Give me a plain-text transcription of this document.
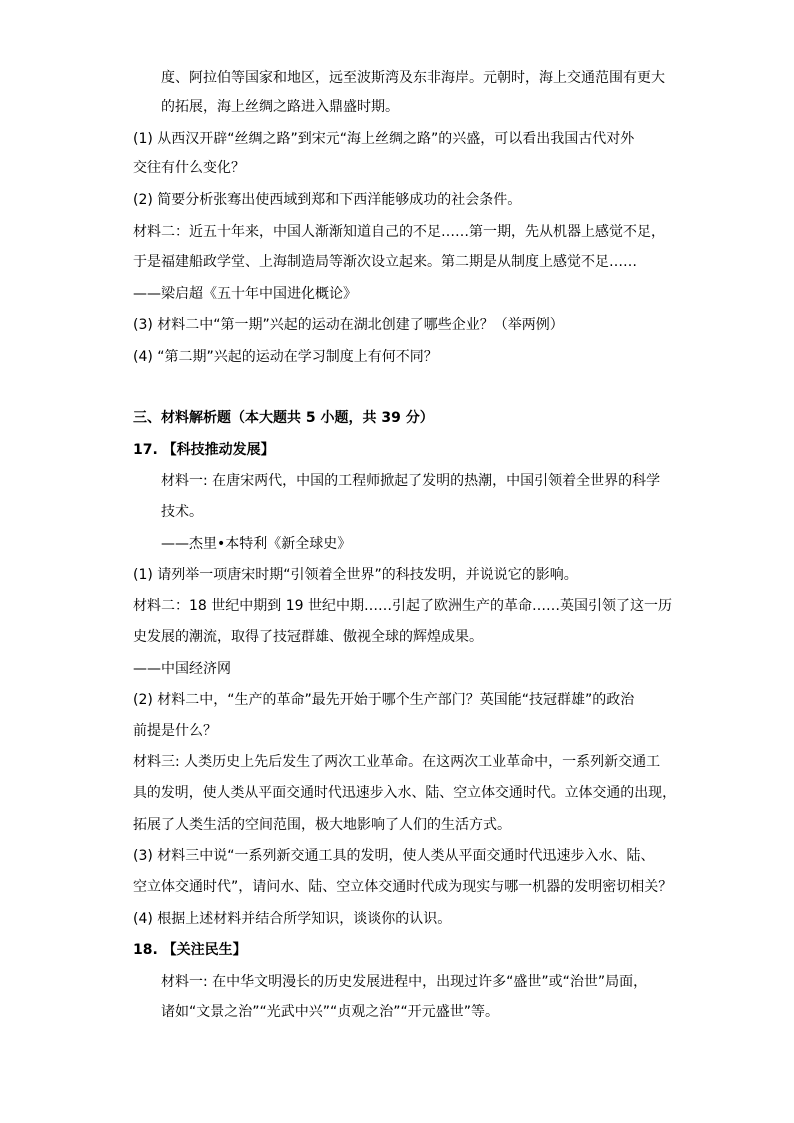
度、阿拉伯等国家和地区，远至波斯湾及东非海岸。元朝时，海上交通范围有更大
的拓展，海上丝绸之路进入鼎盛时期。
(1) 从西汉开辟“丝绸之路”到宋元“海上丝绸之路”的兴盛，可以看出我国古代对外
交往有什么变化？
(2) 简要分析张骞出使西域到郑和下西洋能够成功的社会条件。
材料二：近五十年来，中国人渐渐知道自己的不足……第一期，先从机器上感觉不足，
于是福建船政学堂、上海制造局等渐次设立起来。第二期是从制度上感觉不足……
——梁启超《五十年中国进化概论》
(3) 材料二中“第一期”兴起的运动在湖北创建了哪些企业？（举两例）
(4) “第二期”兴起的运动在学习制度上有何不同？
三、材料解析题（本大题共 5 小题，共 39 分）
17. 【科技推动发展】
材料一: 在唐宋两代，中国的工程师掀起了发明的热潮，中国引领着全世界的科学
技术。
——杰里•本特利《新全球史》
(1) 请列举一项唐宋时期“引领着全世界”的科技发明，并说说它的影响。
材料二：18 世纪中期到 19 世纪中期……引起了欧洲生产的革命……英国引领了这一历
史发展的潮流，取得了技冠群雄、傲视全球的辉煌成果。
——中国经济网
(2) 材料二中，“生产的革命”最先开始于哪个生产部门？英国能“技冠群雄”的政治
前提是什么？
材料三: 人类历史上先后发生了两次工业革命。在这两次工业革命中，一系列新交通工
具的发明，使人类从平面交通时代迅速步入水、陆、空立体交通时代。立体交通的出现，
拓展了人类生活的空间范围，极大地影响了人们的生活方式。
(3) 材料三中说“一系列新交通工具的发明，使人类从平面交通时代迅速步入水、陆、
空立体交通时代”，请问水、陆、空立体交通时代成为现实与哪一机器的发明密切相关？
(4) 根据上述材料并结合所学知识，谈谈你的认识。
18. 【关注民生】
材料一: 在中华文明漫长的历史发展进程中，出现过许多“盛世”或“治世”局面，
诸如“文景之治”“光武中兴”“贞观之治”“开元盛世”等。
